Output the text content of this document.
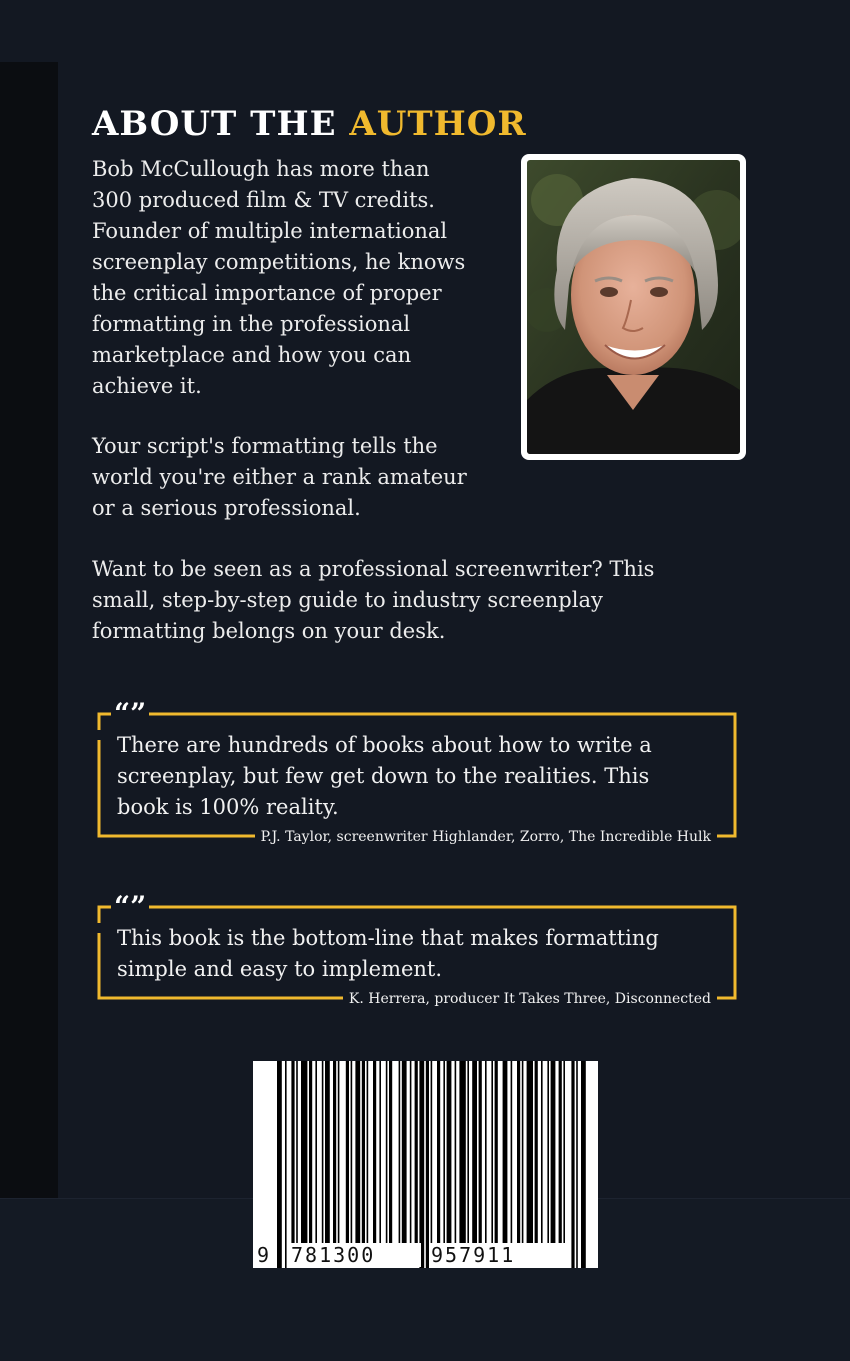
ABOUT THE AUTHOR
Bob McCullough has more than
300 produced film & TV credits.
Founder of multiple international
screenplay competitions, he knows
the critical importance of proper
formatting in the professional
marketplace and how you can
achieve it.
Your script's formatting tells the
world you're either a rank amateur
or a serious professional.
Want to be seen as a professional screenwriter? This
small, step-by-step guide to industry screenplay
formatting belongs on your desk.
“”
There are hundreds of books about how to write a
screenplay, but few get down to the realities. This
book is 100% reality.
P.J. Taylor, screenwriter Highlander, Zorro, The Incredible Hulk
“”
This book is the bottom-line that makes formatting
simple and easy to implement.
K. Herrera, producer It Takes Three, Disconnected
9 781300	957911
